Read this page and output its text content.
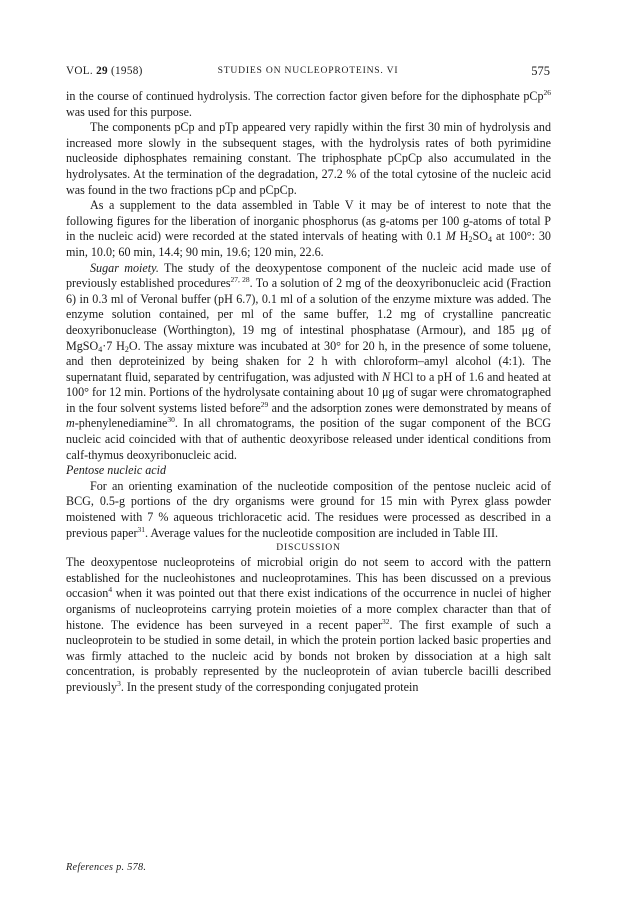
VOL. 29 (1958)	STUDIES ON NUCLEOPROTEINS. VI	575

in the course of continued hydrolysis. The correction factor given before for the diphosphate pCp$^{26}$ was used for this purpose.

The components pCp and pTp appeared very rapidly within the first 30 min of hydrolysis and increased more slowly in the subsequent stages, with the hydrolysis rates of both pyrimidine nucleoside diphosphates remaining constant. The triphosphate pCpCp also accumulated in the hydrolysates. At the termination of the degradation, 27.2 % of the total cytosine of the nucleic acid was found in the two fractions pCp and pCpCp.

As a supplement to the data assembled in Table V it may be of interest to note that the following figures for the liberation of inorganic phosphorus (as g-atoms per 100 g-atoms of total P in the nucleic acid) were recorded at the stated intervals of heating with 0.1 M $H_2SO_4$ at 100°: 30 min, 10.0; 60 min, 14.4; 90 min, 19.6; 120 min, 22.6.

Sugar moiety. The study of the deoxypentose component of the nucleic acid made use of previously established procedures$^{27, 28}$. To a solution of 2 mg of the deoxyribonucleic acid (Fraction 6) in 0.3 ml of Veronal buffer (pH 6.7), 0.1 ml of a solution of the enzyme mixture was added. The enzyme solution contained, per ml of the same buffer, 1.2 mg of crystalline pancreatic deoxyribonuclease (Worthington), 19 mg of intestinal phosphatase (Armour), and 185 μg of MgSO$_4$·7 $H_2O$. The assay mixture was incubated at 30° for 20 h, in the presence of some toluene, and then deproteinized by being shaken for 2 h with chloroform–amyl alcohol (4:1). The supernatant fluid, separated by centrifugation, was adjusted with N HCl to a pH of 1.6 and heated at 100° for 12 min. Portions of the hydrolysate containing about 10 μg of sugar were chromatographed in the four solvent systems listed before$^{29}$ and the adsorption zones were demonstrated by means of m-phenylenediamine$^{30}$. In all chromatograms, the position of the sugar component of the BCG nucleic acid coincided with that of authentic deoxyribose released under identical conditions from calf-thymus deoxyribonucleic acid.

Pentose nucleic acid

For an orienting examination of the nucleotide composition of the pentose nucleic acid of BCG, 0.5-g portions of the dry organisms were ground for 15 min with Pyrex glass powder moistened with 7 % aqueous trichloracetic acid. The residues were processed as described in a previous paper$^{31}$. Average values for the nucleotide composition are included in Table III.

DISCUSSION

The deoxypentose nucleoproteins of microbial origin do not seem to accord with the pattern established for the nucleohistones and nucleoprotamines. This has been discussed on a previous occasion$^4$ when it was pointed out that there exist indications of the occurrence in nuclei of higher organisms of nucleoproteins carrying protein moieties of a more complex character than that of histone. The evidence has been surveyed in a recent paper$^{32}$. The first example of such a nucleoprotein to be studied in some detail, in which the protein portion lacked basic properties and was firmly attached to the nucleic acid by bonds not broken by dissociation at a high salt concentration, is probably represented by the nucleoprotein of avian tubercle bacilli described previously$^3$. In the present study of the corresponding conjugated protein

References p. 578.
